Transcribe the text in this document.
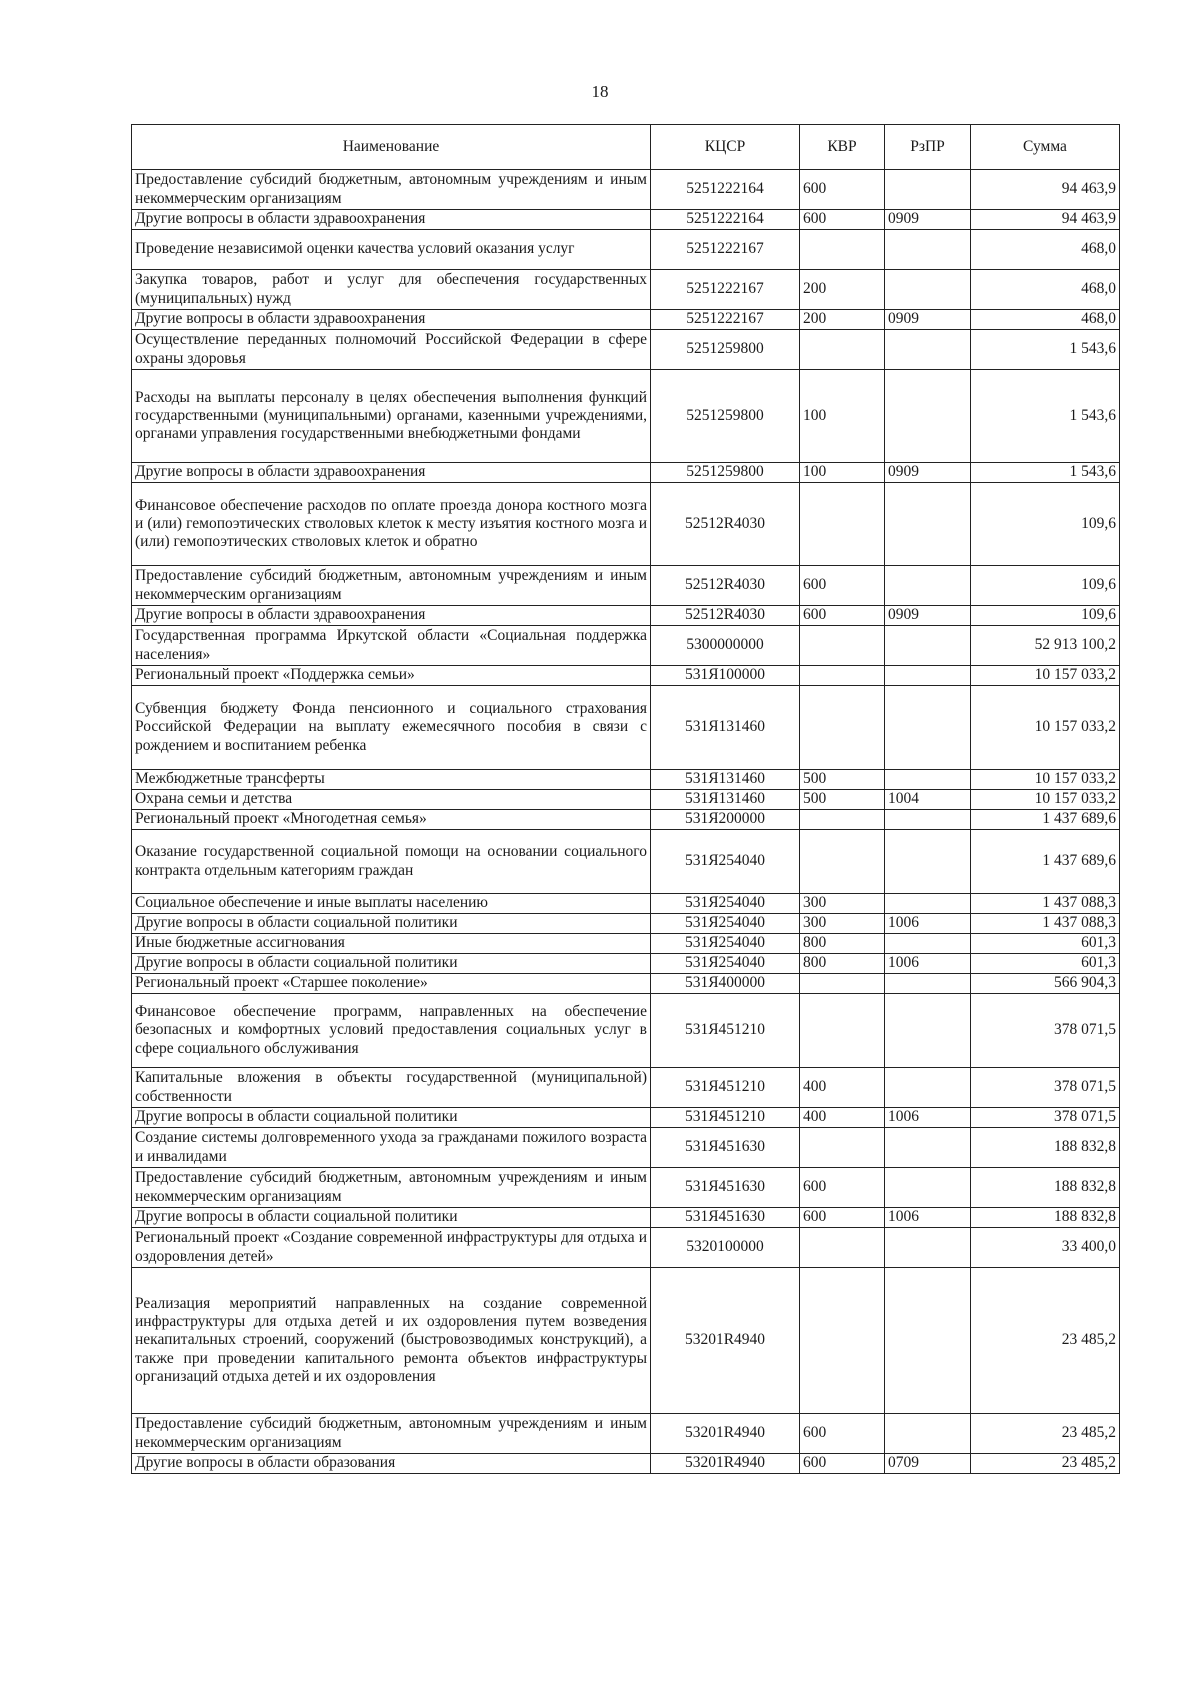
18
Наименование	КЦСР	КВР	РзПР	Сумма
Предоставление субсидий бюджетным, автономным учреждениям и иным некоммерческим организациям	5251222164	600		94 463,9
Другие вопросы в области здравоохранения	5251222164	600	0909	94 463,9
Проведение независимой оценки качества условий оказания услуг	5251222167			468,0
Закупка товаров, работ и услуг для обеспечения государственных (муниципальных) нужд	5251222167	200		468,0
Другие вопросы в области здравоохранения	5251222167	200	0909	468,0
Осуществление переданных полномочий Российской Федерации в сфере охраны здоровья	5251259800			1 543,6
Расходы на выплаты персоналу в целях обеспечения выполнения функций государственными (муниципальными) органами, казенными учреждениями, органами управления государственными внебюджетными фондами	5251259800	100		1 543,6
Другие вопросы в области здравоохранения	5251259800	100	0909	1 543,6
Финансовое обеспечение расходов по оплате проезда донора костного мозга и (или) гемопоэтических стволовых клеток к месту изъятия костного мозга и (или) гемопоэтических стволовых клеток и обратно	52512R4030			109,6
Предоставление субсидий бюджетным, автономным учреждениям и иным некоммерческим организациям	52512R4030	600		109,6
Другие вопросы в области здравоохранения	52512R4030	600	0909	109,6
Государственная программа Иркутской области «Социальная поддержка населения»	5300000000			52 913 100,2
Региональный проект «Поддержка семьи»	531Я100000			10 157 033,2
Субвенция бюджету Фонда пенсионного и социального страхования Российской Федерации на выплату ежемесячного пособия в связи с рождением и воспитанием ребенка	531Я131460			10 157 033,2
Межбюджетные трансферты	531Я131460	500		10 157 033,2
Охрана семьи и детства	531Я131460	500	1004	10 157 033,2
Региональный проект «Многодетная семья»	531Я200000			1 437 689,6
Оказание государственной социальной помощи на основании социального контракта отдельным категориям граждан	531Я254040			1 437 689,6
Социальное обеспечение и иные выплаты населению	531Я254040	300		1 437 088,3
Другие вопросы в области социальной политики	531Я254040	300	1006	1 437 088,3
Иные бюджетные ассигнования	531Я254040	800		601,3
Другие вопросы в области социальной политики	531Я254040	800	1006	601,3
Региональный проект «Старшее поколение»	531Я400000			566 904,3
Финансовое обеспечение программ, направленных на обеспечение безопасных и комфортных условий предоставления социальных услуг в сфере социального обслуживания	531Я451210			378 071,5
Капитальные вложения в объекты государственной (муниципальной) собственности	531Я451210	400		378 071,5
Другие вопросы в области социальной политики	531Я451210	400	1006	378 071,5
Создание системы долговременного ухода за гражданами пожилого возраста и инвалидами	531Я451630			188 832,8
Предоставление субсидий бюджетным, автономным учреждениям и иным некоммерческим организациям	531Я451630	600		188 832,8
Другие вопросы в области социальной политики	531Я451630	600	1006	188 832,8
Региональный проект «Создание современной инфраструктуры для отдыха и оздоровления детей»	5320100000			33 400,0
Реализация мероприятий направленных на создание современной инфраструктуры для отдыха детей и их оздоровления путем возведения некапитальных строений, сооружений (быстровозводимых конструкций), а также при проведении капитального ремонта объектов инфраструктуры организаций отдыха детей и их оздоровления	53201R4940			23 485,2
Предоставление субсидий бюджетным, автономным учреждениям и иным некоммерческим организациям	53201R4940	600		23 485,2
Другие вопросы в области образования	53201R4940	600	0709	23 485,2
